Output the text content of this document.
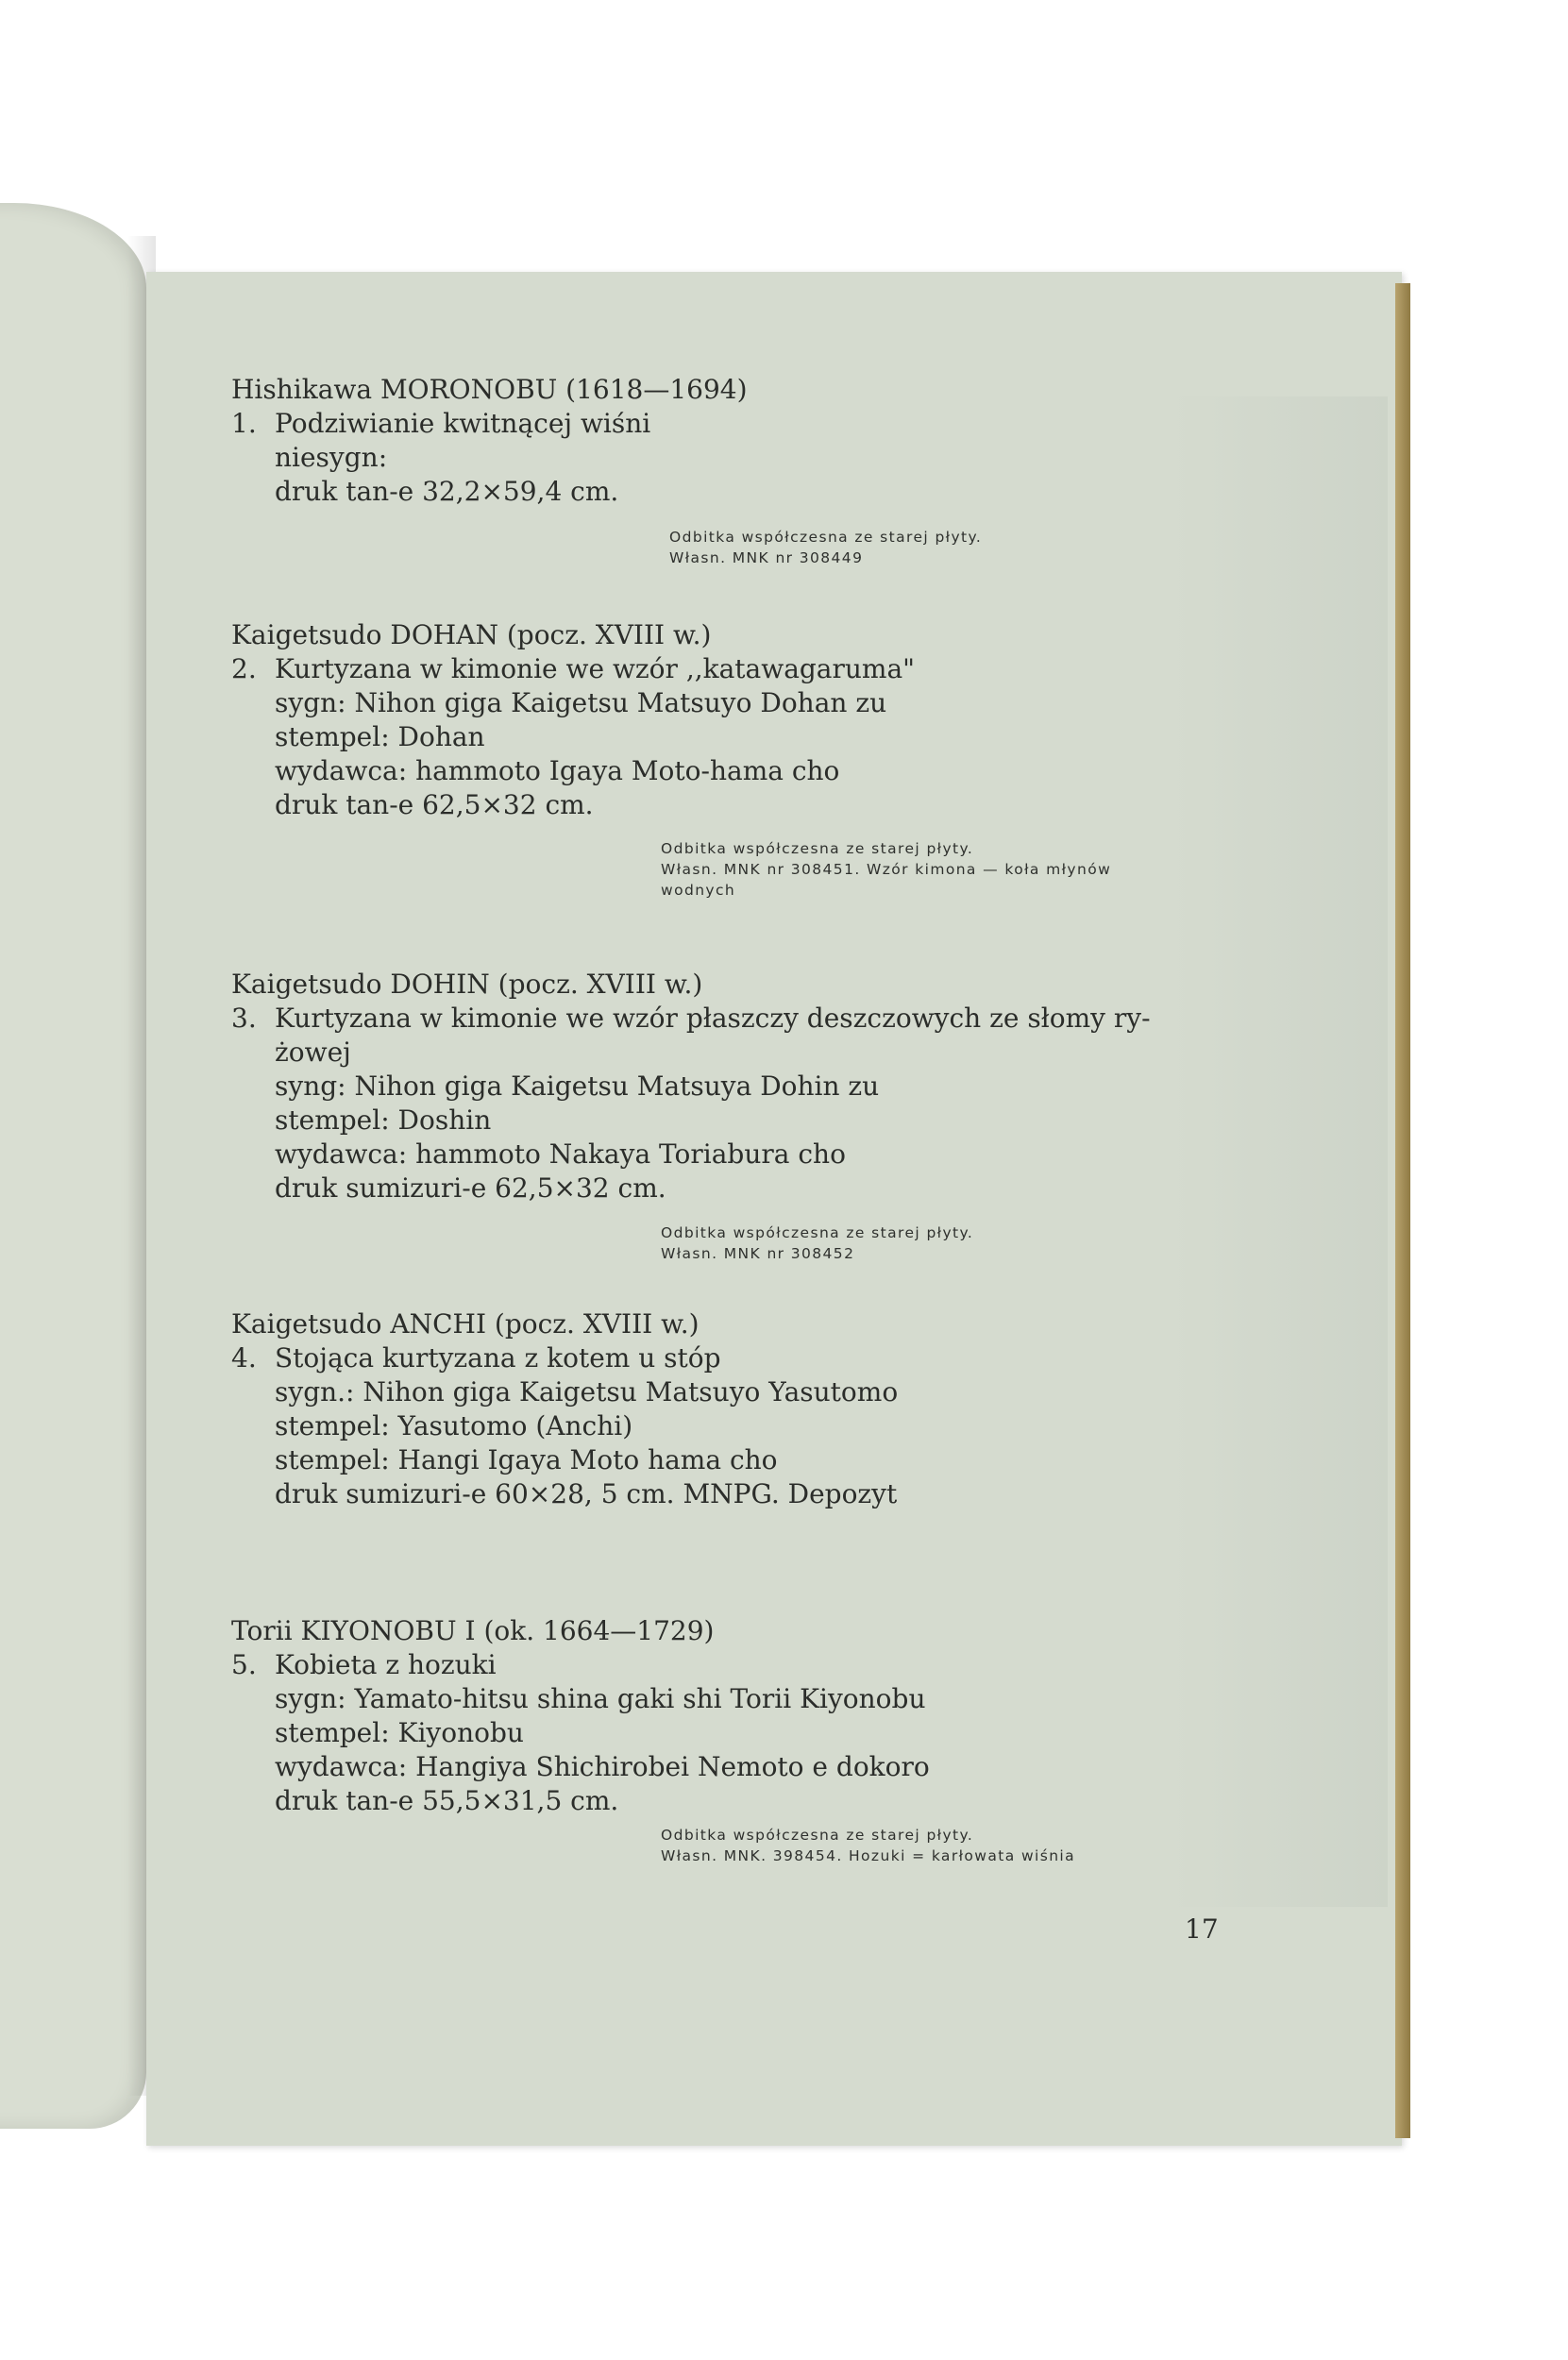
Hishikawa MORONOBU (1618—1694)
1. Podziwianie kwitnącej wiśni
niesygn:
druk tan-e 32,2×59,4 cm.
Odbitka współczesna ze starej płyty.
Własn. MNK nr 308449
Kaigetsudo DOHAN (pocz. XVIII w.)
2. Kurtyzana w kimonie we wzór ,,katawagaruma"
sygn: Nihon giga Kaigetsu Matsuyo Dohan zu
stempel: Dohan
wydawca: hammoto Igaya Moto-hama cho
druk tan-e 62,5×32 cm.
Odbitka współczesna ze starej płyty.
Własn. MNK nr 308451. Wzór kimona — koła młynów
wodnych
Kaigetsudo DOHIN (pocz. XVIII w.)
3. Kurtyzana w kimonie we wzór płaszczy deszczowych ze słomy ry-
żowej
syng: Nihon giga Kaigetsu Matsuya Dohin zu
stempel: Doshin
wydawca: hammoto Nakaya Toriabura cho
druk sumizuri-e 62,5×32 cm.
Odbitka współczesna ze starej płyty.
Własn. MNK nr 308452
Kaigetsudo ANCHI (pocz. XVIII w.)
4. Stojąca kurtyzana z kotem u stóp
sygn.: Nihon giga Kaigetsu Matsuyo Yasutomo
stempel: Yasutomo (Anchi)
stempel: Hangi Igaya Moto hama cho
druk sumizuri-e 60×28, 5 cm. MNPG. Depozyt
Torii KIYONOBU I (ok. 1664—1729)
5. Kobieta z hozuki
sygn: Yamato-hitsu shina gaki shi Torii Kiyonobu
stempel: Kiyonobu
wydawca: Hangiya Shichirobei Nemoto e dokoro
druk tan-e 55,5×31,5 cm.
Odbitka współczesna ze starej płyty.
Własn. MNK. 398454. Hozuki = karłowata wiśnia
17
